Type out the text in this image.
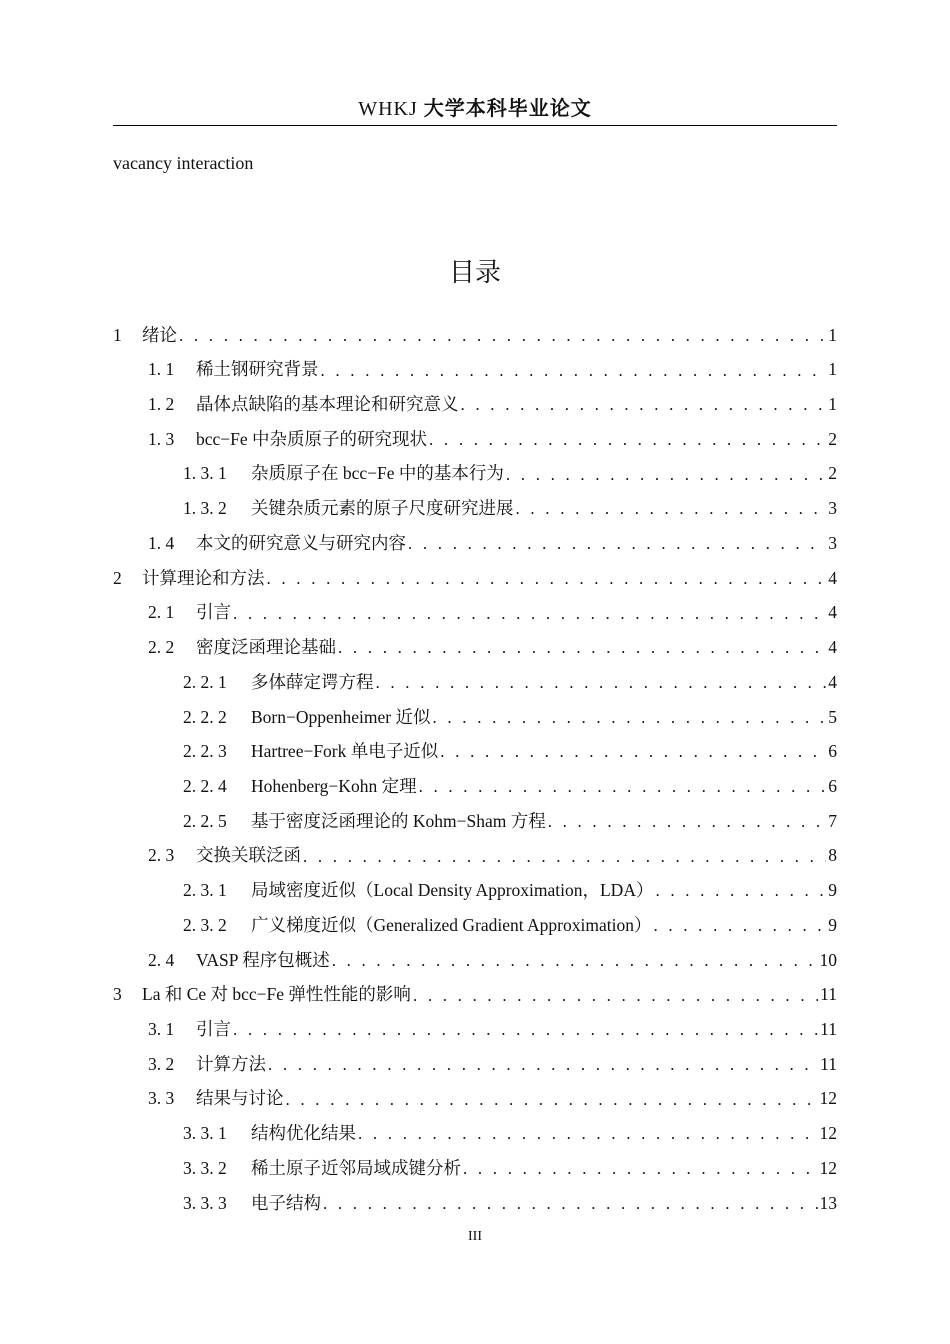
WHKJ 大学本科毕业论文
vacancy interaction
目录
1	绪论 . . .	1
1. 1	稀土钢研究背景 . . .	1
1. 2	晶体点缺陷的基本理论和研究意义 . . .	1
1. 3	bcc−Fe 中杂质原子的研究现状 . . .	2
1. 3. 1	杂质原子在 bcc−Fe 中的基本行为 . . .	2
1. 3. 2	关键杂质元素的原子尺度研究进展 . . .	3
1. 4	本文的研究意义与研究内容 . . .	3
2	计算理论和方法 . . .	4
2. 1	引言 . . .	4
2. 2	密度泛函理论基础 . . .	4
2. 2. 1	多体薛定谔方程 . . .	4
2. 2. 2	Born−Oppenheimer 近似 . . .	5
2. 2. 3	Hartree−Fork 单电子近似 . . .	6
2. 2. 4	Hohenberg−Kohn 定理 . . .	6
2. 2. 5	基于密度泛函理论的 Kohm−Sham 方程 . . .	7
2. 3	交换关联泛函 . . .	8
2. 3. 1	局域密度近似（Local Density Approximation，LDA） . . .	9
2. 3. 2	广义梯度近似（Generalized Gradient Approximation） . . .	9
2. 4	VASP 程序包概述 . . .	10
3	La 和 Ce 对 bcc−Fe 弹性性能的影响 . . .	11
3. 1	引言 . . .	11
3. 2	计算方法 . . .	11
3. 3	结果与讨论 . . .	12
3. 3. 1	结构优化结果 . . .	12
3. 3. 2	稀土原子近邻局域成键分析 . . .	12
3. 3. 3	电子结构 . . .	13
III
